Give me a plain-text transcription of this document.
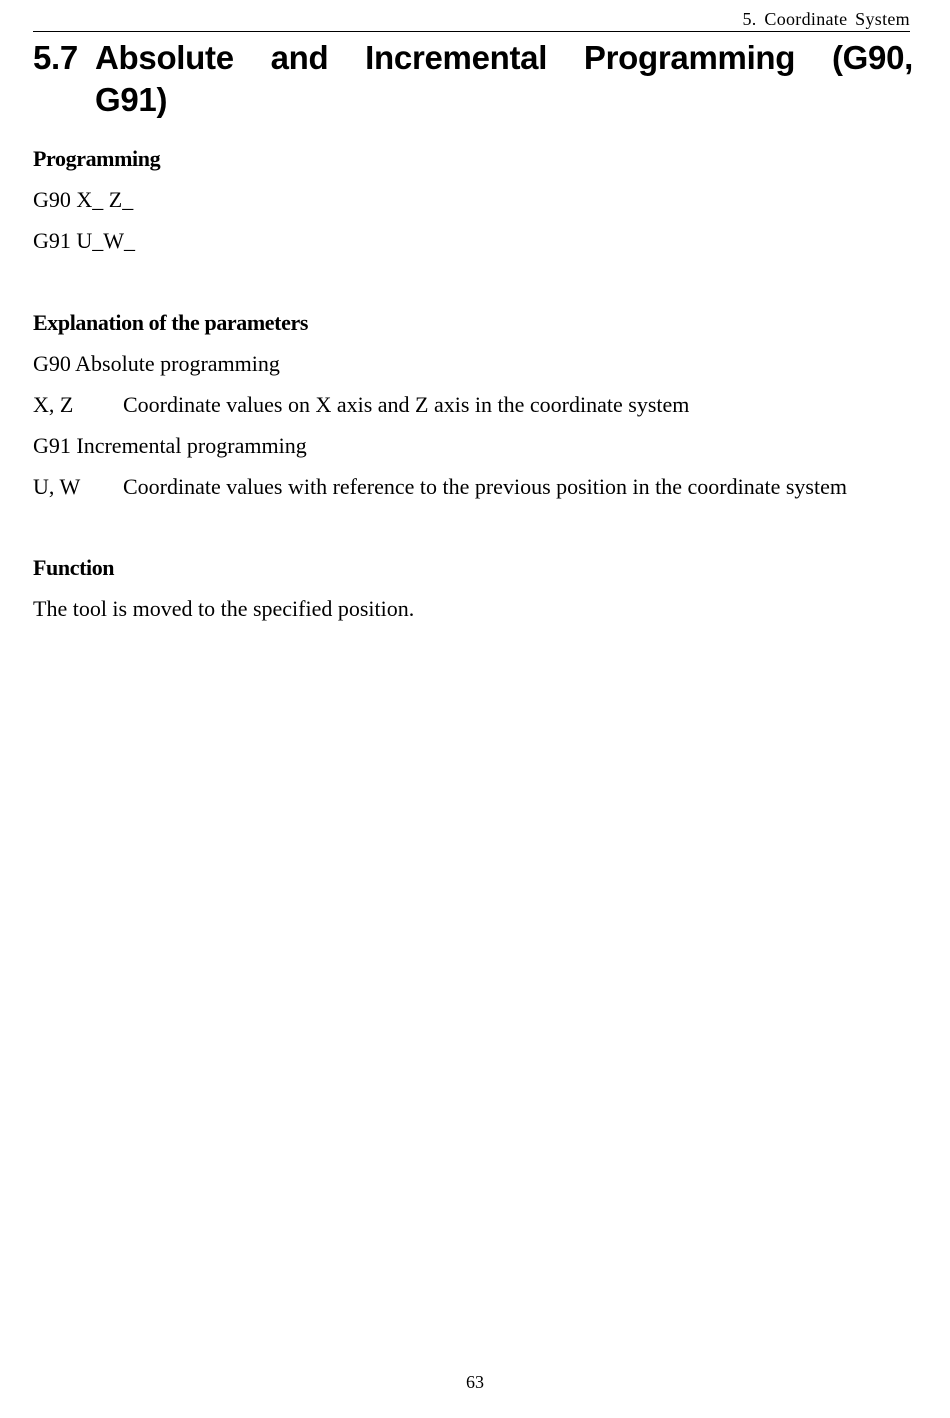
5. Coordinate System
5.7 Absolute and Incremental Programming (G90,
G91)
Programming
G90 X_ Z_
G91 U_W_
Explanation of the parameters
G90 Absolute programming
X, Z Coordinate values on X axis and Z axis in the coordinate system
G91 Incremental programming
U, W Coordinate values with reference to the previous position in the coordinate system
Function
The tool is moved to the specified position.
63
